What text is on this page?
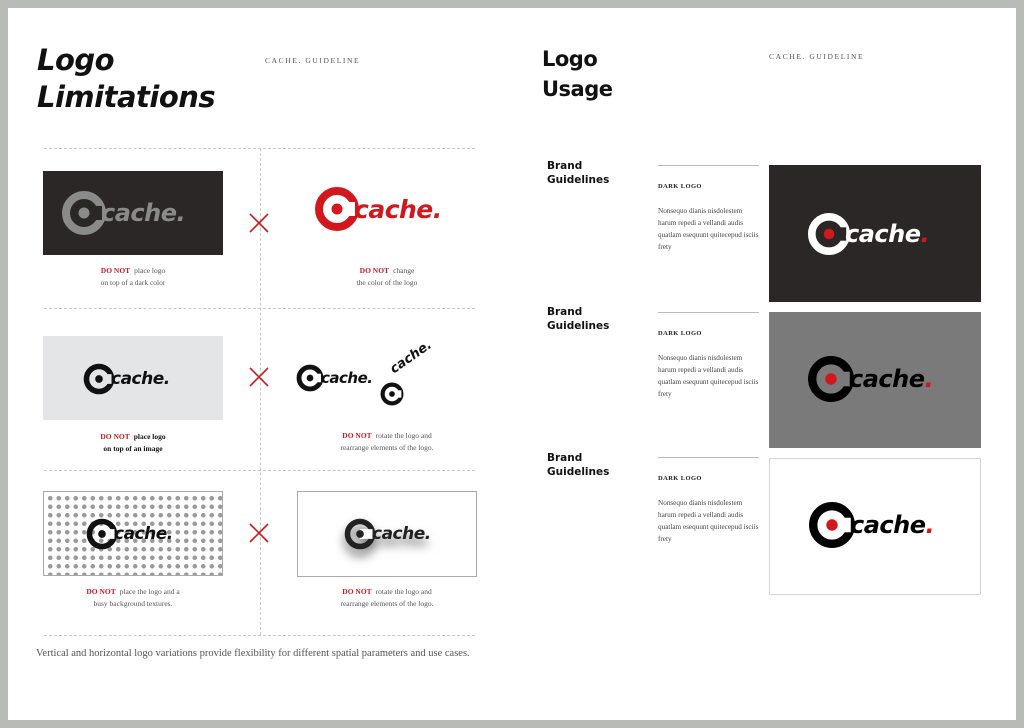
Logo
Limitations
CACHE. GUIDELINE
cache.
DO NOT place logo
on top of a dark color
cache.
DO NOT change
the color of the logo
cache.
DO NOT place logo
on top of an image
cache.
cache.
DO NOT rotate the logo and
rearrange elements of the logo.
cache.
DO NOT place the logo and a
busy background textures.
cache.
DO NOT rotate the logo and
rearrange elements of the logo.
Vertical and horizontal logo variations provide flexibility for different spatial parameters and use cases.
Logo
Usage
CACHE. GUIDELINE
Brand
Guidelines
DARK LOGO
Nonsequo dianis nisdolestem harum repedi a vellandi audis quatlam esequunt quitecepud isciis frety	cache.
Brand
Guidelines
DARK LOGO
Nonsequo dianis nisdolestem harum repedi a vellandi audis quatlam esequunt quitecepud isciis frety
cache.
Brand
Guidelines
DARK LOGO
Nonsequo dianis nisdolestem harum repedi a vellandi audis quatlam esequunt quitecepud isciis frety	cache.
